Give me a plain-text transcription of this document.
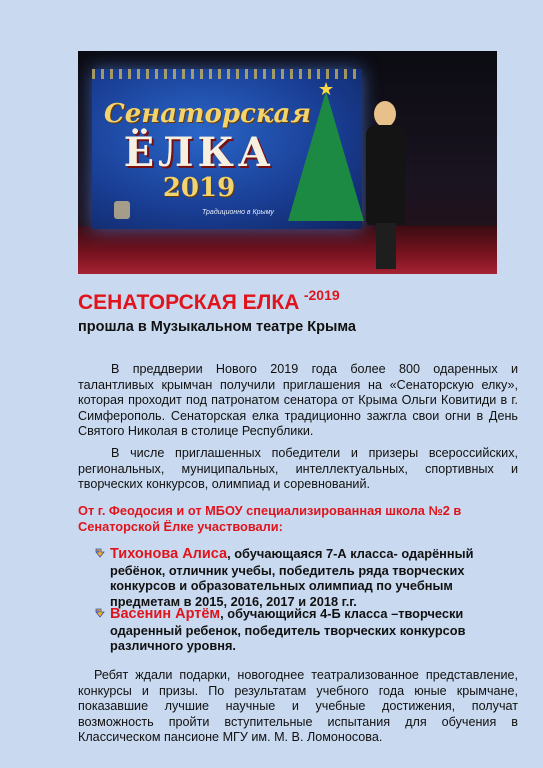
Сенаторская
ЁЛКА
2019
Традиционно в Крыму
★
СЕНАТОРСКАЯ ЕЛКА -2019
прошла в Музыкальном театре Крыма

В преддверии Нового 2019 года более 800 одаренных и талантливых крымчан получили приглашения на «Сенаторскую елку», которая проходит под патронатом сенатора от Крыма Ольги Ковитиди в г. Симферополь. Сенаторская елка традиционно зажгла свои огни в День Святого Николая в столице Республики.

В числе приглашенных победители и призеры всероссийских, региональных, муниципальных, интеллектуальных, спортивных и творческих конкурсов, олимпиад и соревнований.

От г. Феодосия и от МБОУ специализированная школа №2 в Сенаторской Ёлке участвовали:
Тихонова Алиса, обучающаяся 7-А класса- одарённый ребёнок, отличник учебы, победитель ряда творческих конкурсов и образовательных олимпиад по учебным предметам в 2015, 2016, 2017 и 2018 г.г.
Васенин Артём, обучающийся 4-Б класса –творчески одаренный ребенок, победитель творческих конкурсов различного уровня.

Ребят ждали подарки, новогоднее театрализованное представление, конкурсы и призы. По результатам учебного года юные крымчане, показавшие лучшие научные и учебные достижения, получат возможность пройти вступительные испытания для обучения в Классическом пансионе МГУ им. М. В. Ломоносова.
